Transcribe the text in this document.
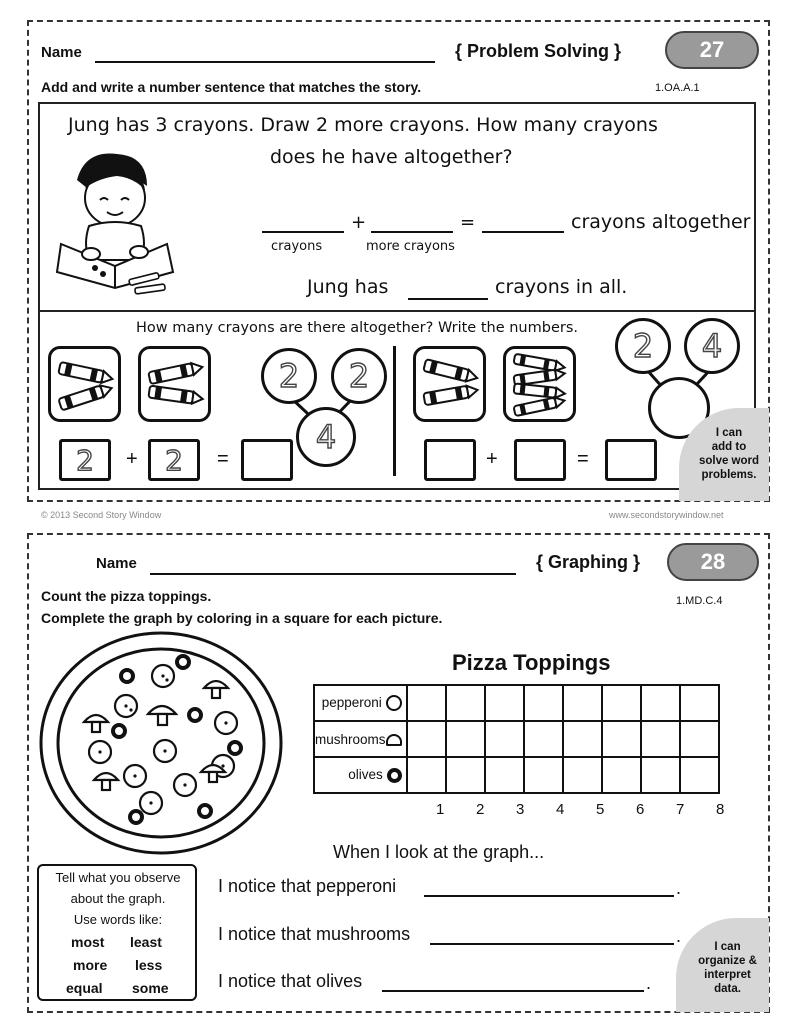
Name	{ Problem Solving }	27
Add and write a number sentence that matches the story.	1.OA.A.1
Jung has 3 crayons. Draw 2 more crayons. How many crayons
does he have altogether?
+	=	crayons altogether
crayons	more crayons
Jung has	crayons in all.
How many crayons are there altogether? Write the numbers.
2	2
4
2	+ 2	=
2	4
+	=
I can
add to
solve word
problems.
© 2013 Second Story Window	www.secondstorywindow.net
Name	{ Graphing }	28
Count the pizza toppings.
Complete the graph by coloring in a square for each picture.
1.MD.C.4
Pizza Toppings
pepperoni								
mushrooms								
olives								
1 2 3 4 5 6 7 8
When I look at the graph...
Tell what you observe
about the graph.
Use words like:
most least
more less
equal some
I notice that pepperoni	.
I notice that mushrooms	.
I notice that olives	.
I can
organize &
interpret
data.
